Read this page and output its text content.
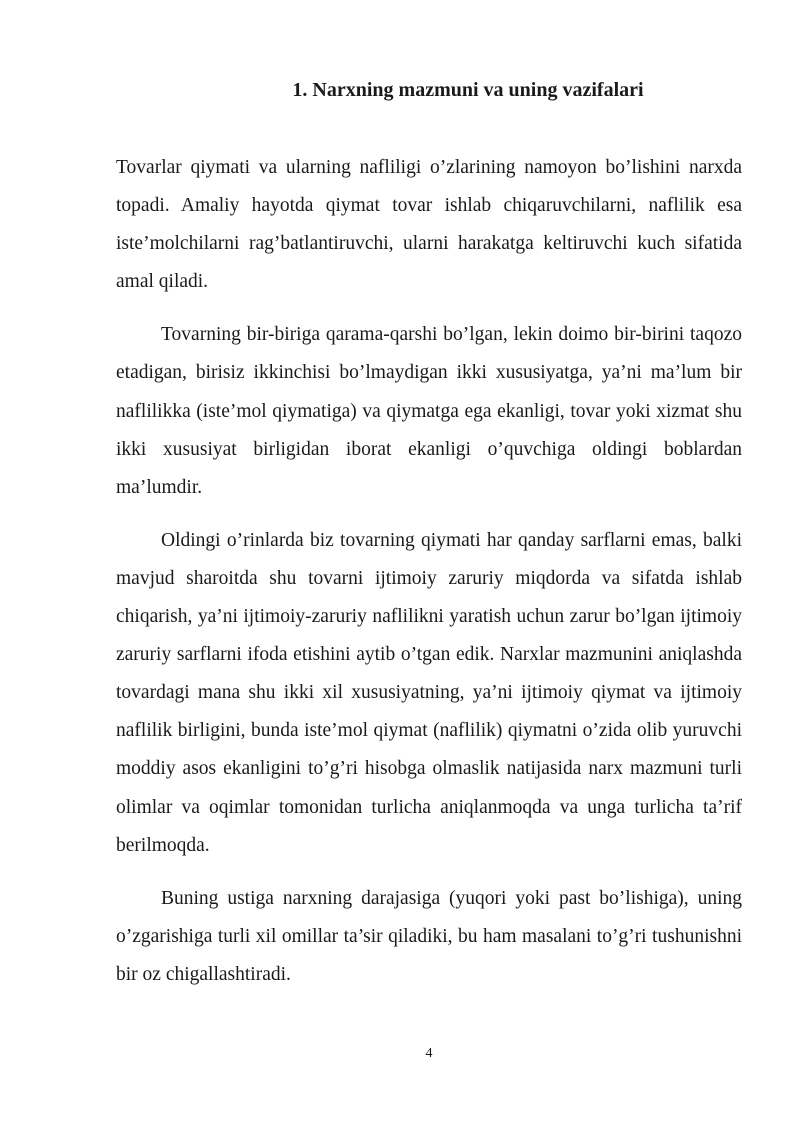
1. Narxning mazmuni va uning vazifalari

Tovarlar qiymati va ularning nafliligi o’zlarining namoyon bo’lishini narxda topadi. Amaliy hayotda qiymat tovar ishlab chiqaruvchilarni, naflilik esa iste’molchilarni rag’batlantiruvchi, ularni harakatga keltiruvchi kuch sifatida amal qiladi.

Tovarning bir-biriga qarama-qarshi bo’lgan, lekin doimo bir-birini taqozo etadigan, birisiz ikkinchisi bo’lmaydigan ikki xususiyatga, ya’ni ma’lum bir naflilikka (iste’mol qiymatiga) va qiymatga ega ekanligi, tovar yoki xizmat shu ikki xususiyat birligidan iborat ekanligi o’quvchiga oldingi boblardan ma’lumdir.

Oldingi o’rinlarda biz tovarning qiymati har qanday sarflarni emas, balki mavjud sharoitda shu tovarni ijtimoiy zaruriy miqdorda va sifatda ishlab chiqarish, ya’ni ijtimoiy-zaruriy naflilikni yaratish uchun zarur bo’lgan ijtimoiy zaruriy sarflarni ifoda etishini aytib o’tgan edik. Narxlar mazmunini aniqlashda tovardagi mana shu ikki xil xususiyatning, ya’ni ijtimoiy qiymat va ijtimoiy naflilik birligini, bunda iste’mol qiymat (naflilik) qiymatni o’zida olib yuruvchi moddiy asos ekanligini to’g’ri hisobga olmaslik natijasida narx mazmuni turli olimlar va oqimlar tomonidan turlicha aniqlanmoqda va unga turlicha ta’rif berilmoqda.

Buning ustiga narxning darajasiga (yuqori yoki past bo’lishiga), uning o’zgarishiga turli xil omillar ta’sir qiladiki, bu ham masalani to’g’ri tushunishni bir oz chigallashtiradi.

4
